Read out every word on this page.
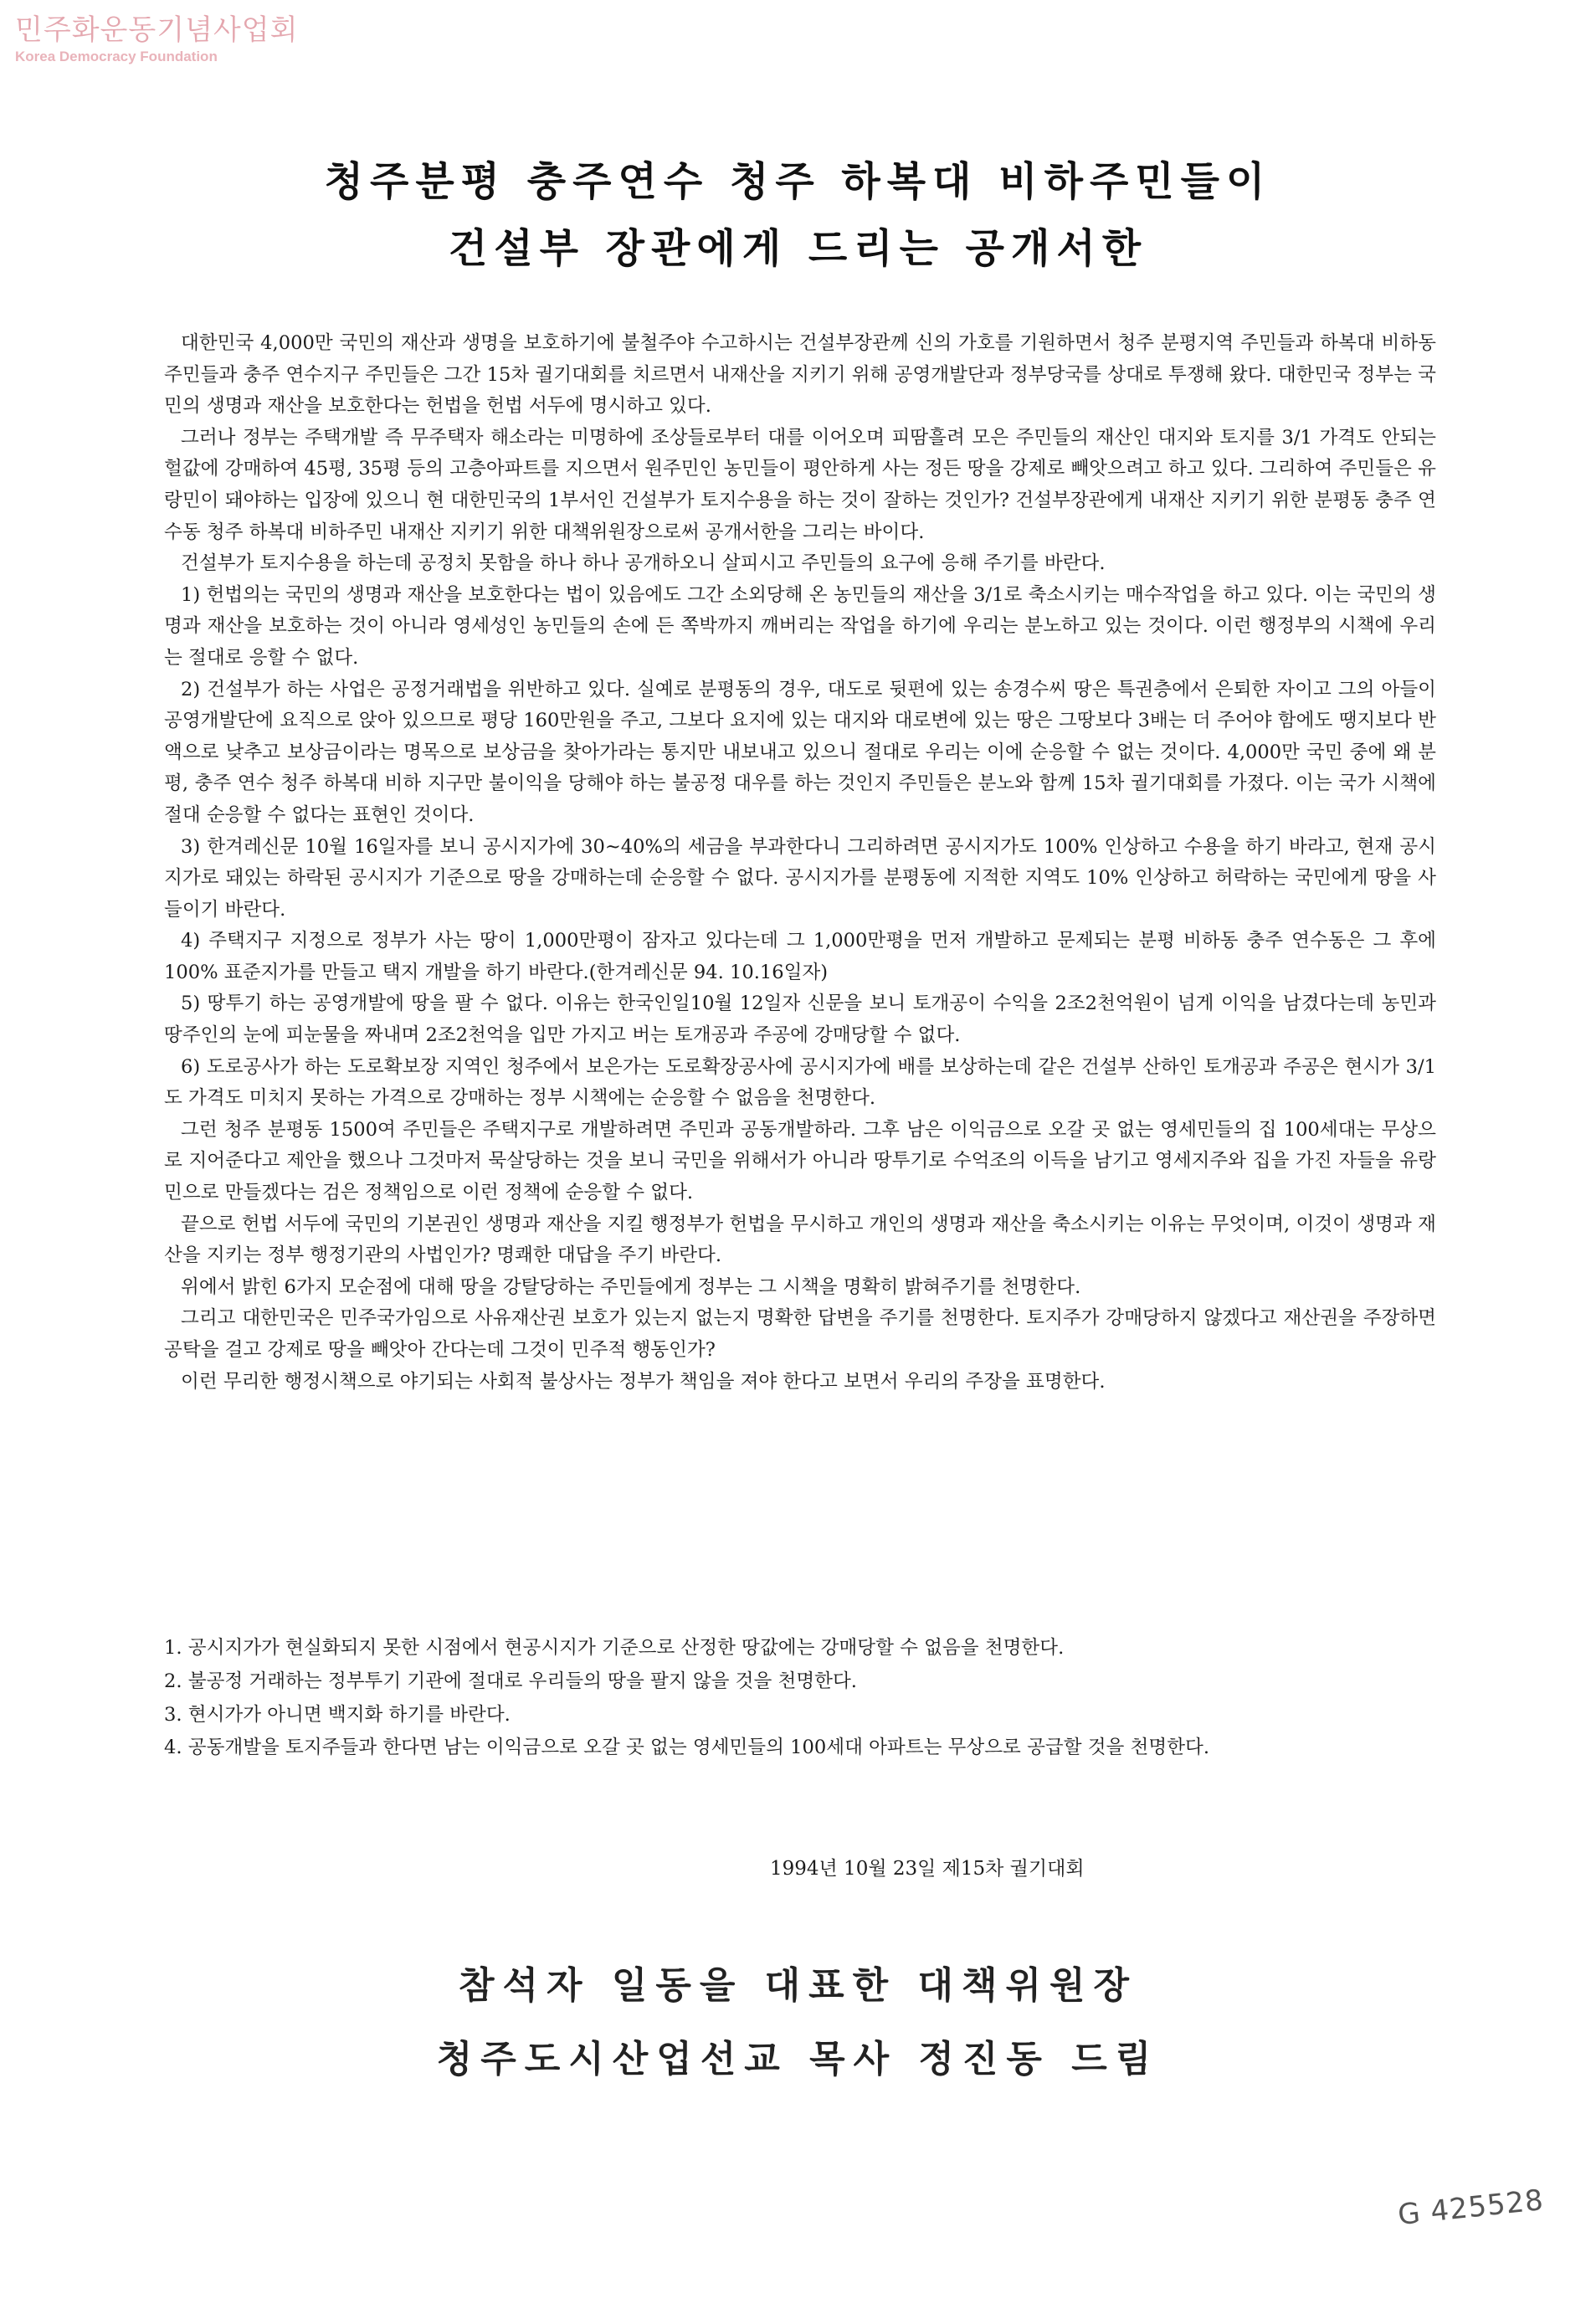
민주화운동기념사업회
Korea Democracy Foundation
청주분평 충주연수 청주 하복대 비하주민들이
건설부 장관에게 드리는 공개서한

대한민국 4,000만 국민의 재산과 생명을 보호하기에 불철주야 수고하시는 건설부장관께 신의 가호를 기원하면서 청주 분평지역 주민들과 하복대 비하동 주민들과 충주 연수지구 주민들은 그간 15차 궐기대회를 치르면서 내재산을 지키기 위해 공영개발단과 정부당국를 상대로 투쟁해 왔다. 대한민국 정부는 국민의 생명과 재산을 보호한다는 헌법을 헌법 서두에 명시하고 있다.

그러나 정부는 주택개발 즉 무주택자 해소라는 미명하에 조상들로부터 대를 이어오며 피땀흘려 모은 주민들의 재산인 대지와 토지를 3/1 가격도 안되는 헐값에 강매하여 45평, 35평 등의 고층아파트를 지으면서 원주민인 농민들이 평안하게 사는 정든 땅을 강제로 빼앗으려고 하고 있다. 그리하여 주민들은 유랑민이 돼야하는 입장에 있으니 현 대한민국의 1부서인 건설부가 토지수용을 하는 것이 잘하는 것인가? 건설부장관에게 내재산 지키기 위한 분평동 충주 연수동 청주 하복대 비하주민 내재산 지키기 위한 대책위원장으로써 공개서한을 그리는 바이다.

건설부가 토지수용을 하는데 공정치 못함을 하나 하나 공개하오니 살피시고 주민들의 요구에 응해 주기를 바란다.

1) 헌법의는 국민의 생명과 재산을 보호한다는 법이 있음에도 그간 소외당해 온 농민들의 재산을 3/1로 축소시키는 매수작업을 하고 있다. 이는 국민의 생명과 재산을 보호하는 것이 아니라 영세성인 농민들의 손에 든 쪽박까지 깨버리는 작업을 하기에 우리는 분노하고 있는 것이다. 이런 행정부의 시책에 우리는 절대로 응할 수 없다.

2) 건설부가 하는 사업은 공정거래법을 위반하고 있다. 실예로 분평동의 경우, 대도로 뒷편에 있는 송경수씨 땅은 특권층에서 은퇴한 자이고 그의 아들이 공영개발단에 요직으로 앉아 있으므로 평당 160만원을 주고, 그보다 요지에 있는 대지와 대로변에 있는 땅은 그땅보다 3배는 더 주어야 함에도 땡지보다 반액으로 낮추고 보상금이라는 명목으로 보상금을 찾아가라는 통지만 내보내고 있으니 절대로 우리는 이에 순응할 수 없는 것이다. 4,000만 국민 중에 왜 분평, 충주 연수 청주 하복대 비하 지구만 불이익을 당해야 하는 불공정 대우를 하는 것인지 주민들은 분노와 함께 15차 궐기대회를 가졌다. 이는 국가 시책에 절대 순응할 수 없다는 표현인 것이다.

3) 한겨레신문 10월 16일자를 보니 공시지가에 30~40%의 세금을 부과한다니 그리하려면 공시지가도 100% 인상하고 수용을 하기 바라고, 현재 공시지가로 돼있는 하락된 공시지가 기준으로 땅을 강매하는데 순응할 수 없다. 공시지가를 분평동에 지적한 지역도 10% 인상하고 허락하는 국민에게 땅을 사들이기 바란다.

4) 주택지구 지정으로 정부가 사는 땅이 1,000만평이 잠자고 있다는데 그 1,000만평을 먼저 개발하고 문제되는 분평 비하동 충주 연수동은 그 후에 100% 표준지가를 만들고 택지 개발을 하기 바란다.(한겨레신문 94. 10.16일자)

5) 땅투기 하는 공영개발에 땅을 팔 수 없다. 이유는 한국인일10월 12일자 신문을 보니 토개공이 수익을 2조2천억원이 넘게 이익을 남겼다는데 농민과 땅주인의 눈에 피눈물을 짜내며 2조2천억을 입만 가지고 버는 토개공과 주공에 강매당할 수 없다.

6) 도로공사가 하는 도로확보장 지역인 청주에서 보은가는 도로확장공사에 공시지가에 배를 보상하는데 같은 건설부 산하인 토개공과 주공은 현시가 3/1도 가격도 미치지 못하는 가격으로 강매하는 정부 시책에는 순응할 수 없음을 천명한다.

그런 청주 분평동 1500여 주민들은 주택지구로 개발하려면 주민과 공동개발하라. 그후 남은 이익금으로 오갈 곳 없는 영세민들의 집 100세대는 무상으로 지어준다고 제안을 했으나 그것마저 묵살당하는 것을 보니 국민을 위해서가 아니라 땅투기로 수억조의 이득을 남기고 영세지주와 집을 가진 자들을 유랑민으로 만들겠다는 검은 정책임으로 이런 정책에 순응할 수 없다.

끝으로 헌법 서두에 국민의 기본권인 생명과 재산을 지킬 행정부가 헌법을 무시하고 개인의 생명과 재산을 축소시키는 이유는 무엇이며, 이것이 생명과 재산을 지키는 정부 행정기관의 사법인가? 명쾌한 대답을 주기 바란다.

위에서 밝힌 6가지 모순점에 대해 땅을 강탈당하는 주민들에게 정부는 그 시책을 명확히 밝혀주기를 천명한다.

그리고 대한민국은 민주국가임으로 사유재산권 보호가 있는지 없는지 명확한 답변을 주기를 천명한다. 토지주가 강매당하지 않겠다고 재산권을 주장하면 공탁을 걸고 강제로 땅을 빼앗아 간다는데 그것이 민주적 행동인가?

이런 무리한 행정시책으로 야기되는 사회적 불상사는 정부가 책임을 져야 한다고 보면서 우리의 주장을 표명한다.

1. 공시지가가 현실화되지 못한 시점에서 현공시지가 기준으로 산정한 땅값에는 강매당할 수 없음을 천명한다.

2. 불공정 거래하는 정부투기 기관에 절대로 우리들의 땅을 팔지 않을 것을 천명한다.

3. 현시가가 아니면 백지화 하기를 바란다.

4. 공동개발을 토지주들과 한다면 남는 이익금으로 오갈 곳 없는 영세민들의 100세대 아파트는 무상으로 공급할 것을 천명한다.

1994년 10월 23일 제15차 궐기대회
참석자 일동을 대표한 대책위원장
청주도시산업선교 목사 정진동 드림
G 425528
